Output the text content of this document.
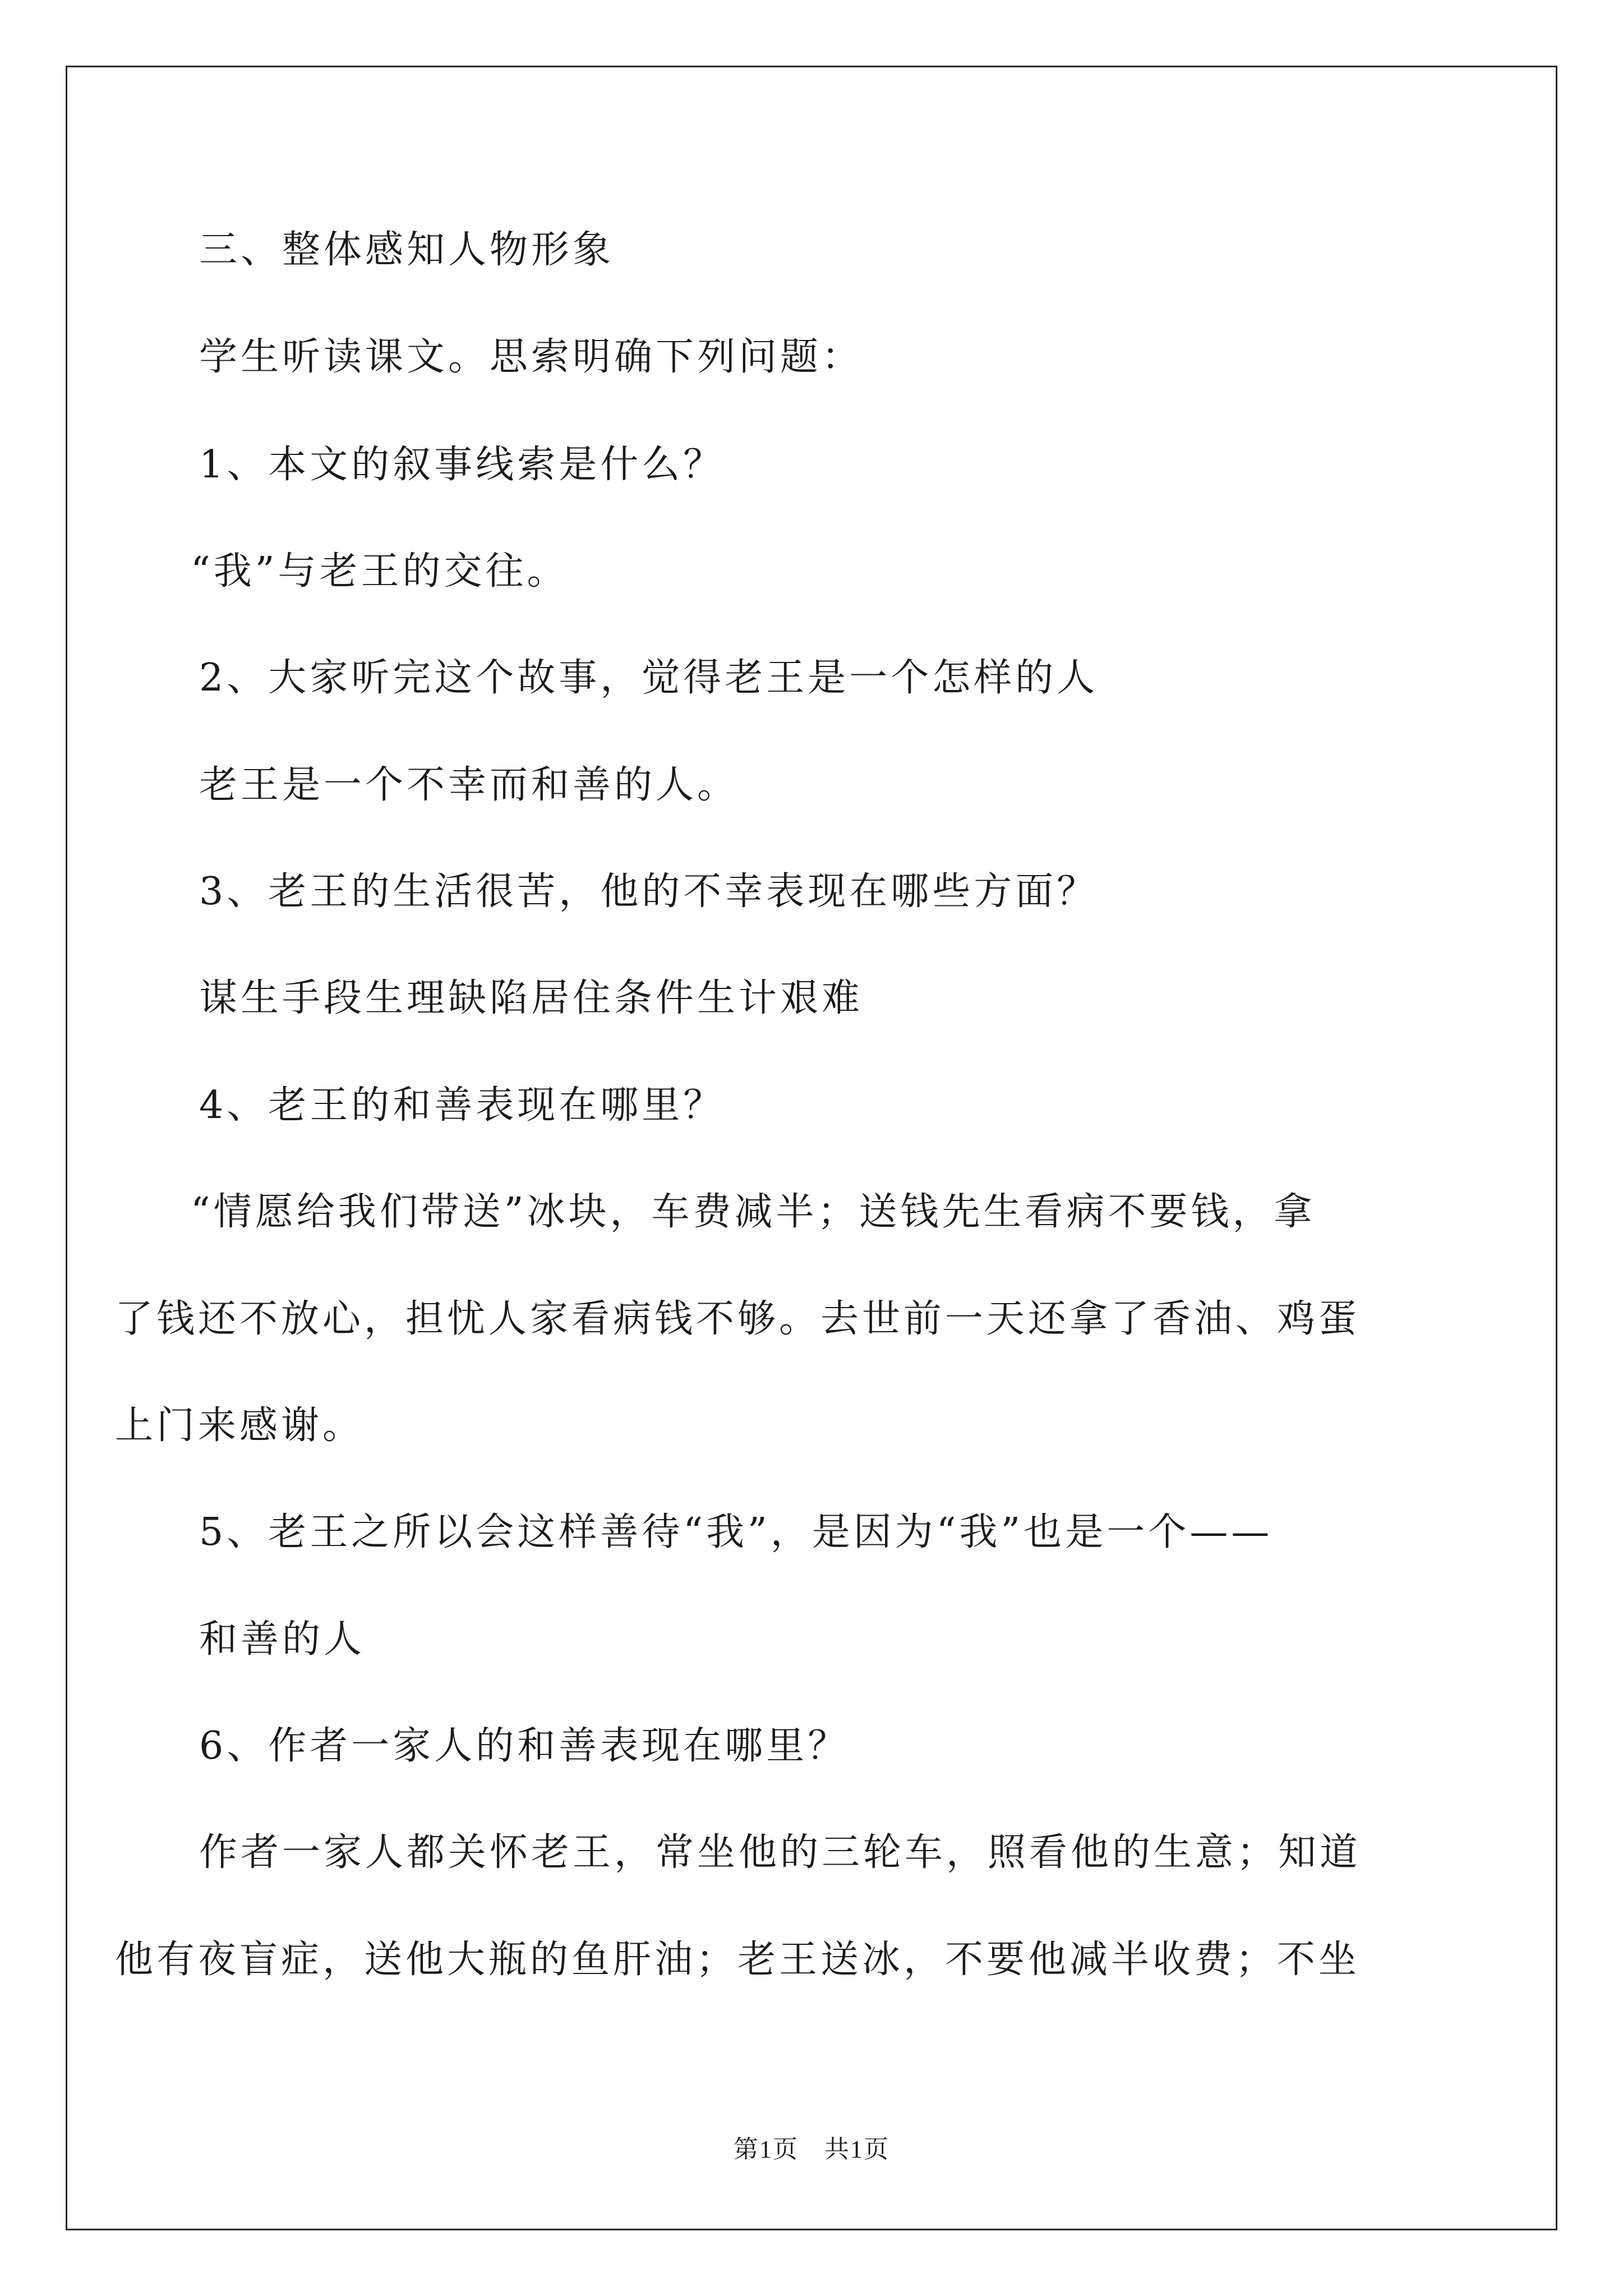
三、整体感知人物形象
学生听读课文。思索明确下列问题：
1、本文的叙事线索是什么？
“我”与老王的交往。
2、大家听完这个故事，觉得老王是一个怎样的人
老王是一个不幸而和善的人。
3、老王的生活很苦，他的不幸表现在哪些方面？
谋生手段生理缺陷居住条件生计艰难
4、老王的和善表现在哪里？
“情愿给我们带送”冰块，车费减半；送钱先生看病不要钱，拿
了钱还不放心，担忧人家看病钱不够。去世前一天还拿了香油、鸡蛋
上门来感谢。
5、老王之所以会这样善待“我”，是因为“我”也是一个——
和善的人
6、作者一家人的和善表现在哪里？
作者一家人都关怀老王，常坐他的三轮车，照看他的生意；知道
他有夜盲症，送他大瓶的鱼肝油；老王送冰，不要他减半收费；不坐
第1页　共1页
